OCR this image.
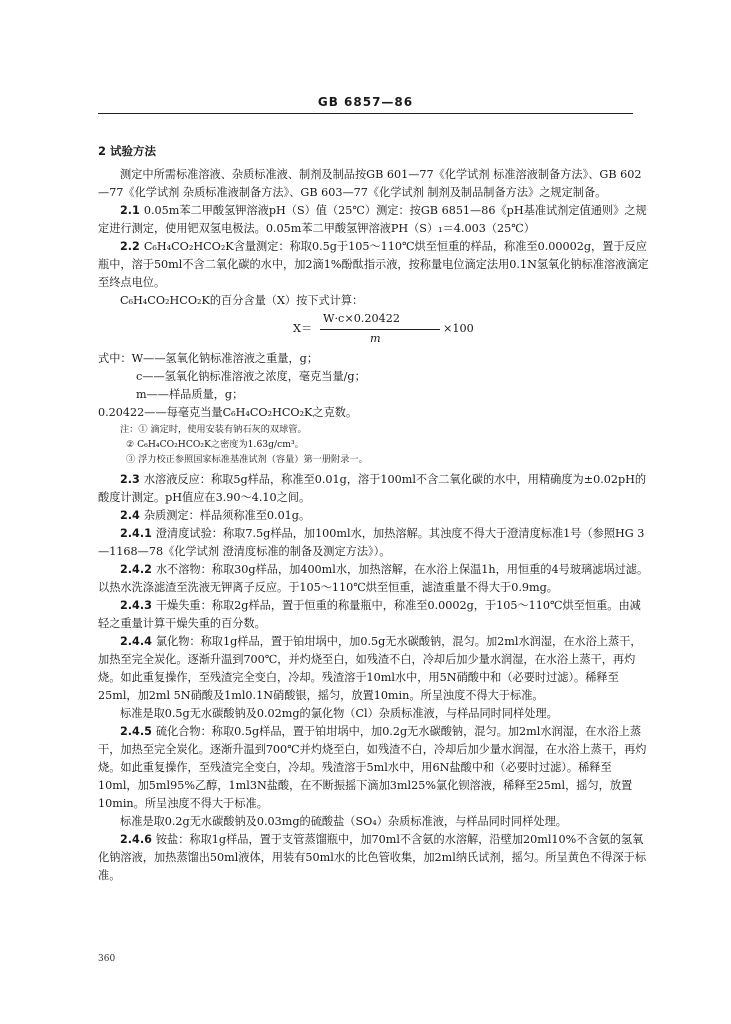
GB 6857—86

2 试验方法

测定中所需标准溶液、杂质标准液、制剂及制品按GB 601—77《化学试剂 标准溶液制备方法》、GB 602—77《化学试剂 杂质标准液制备方法》、GB 603—77《化学试剂 制剂及制品制备方法》之规定制备。

2.1 0.05m苯二甲酸氢钾溶液pH（S）值（25℃）测定：按GB 6851—86《pH基准试剂定值通则》之规定进行测定，使用钯双氢电极法。0.05m苯二甲酸氢钾溶液PH（S）₁＝4.003（25℃）

2.2 C₆H₄CO₂HCO₂K含量测定：称取0.5g于105～110℃烘至恒重的样品，称准至0.00002g，置于反应瓶中，溶于50ml不含二氧化碳的水中，加2滴1%酚酞指示液，按称量电位滴定法用0.1N氢氧化钠标准溶液滴定至终点电位。

C₆H₄CO₂HCO₂K的百分含量（X）按下式计算：

X＝
W·c×0.20422
m
×100

式中：W——氢氧化钠标准溶液之重量，g；

c——氢氧化钠标准溶液之浓度，毫克当量/g；

m——样品质量，g；

0.20422——每毫克当量C₆H₄CO₂HCO₂K之克数。

注：① 滴定时，使用安装有钠石灰的双球管。

② C₆H₄CO₂HCO₂K之密度为1.63g/cm³。

③ 浮力校正参照国家标准基准试剂（容量）第一册附录一。

2.3 水溶液反应：称取5g样品，称准至0.01g，溶于100ml不含二氧化碳的水中，用精确度为±0.02pH的酸度计测定。pH值应在3.90～4.10之间。

2.4 杂质测定：样品须称准至0.01g。

2.4.1 澄清度试验：称取7.5g样品，加100ml水，加热溶解。其浊度不得大于澄清度标准1号（参照HG 3—1168—78《化学试剂 澄清度标准的制备及测定方法》）。

2.4.2 水不溶物：称取30g样品，加400ml水，加热溶解，在水浴上保温1h，用恒重的4号玻璃滤埚过滤。以热水洗涤滤渣至洗液无钾离子反应。于105～110℃烘至恒重，滤渣重量不得大于0.9mg。

2.4.3 干燥失重：称取2g样品，置于恒重的称量瓶中，称准至0.0002g，于105～110℃烘至恒重。由减轻之重量计算干燥失重的百分数。

2.4.4 氯化物：称取1g样品，置于铂坩埚中，加0.5g无水碳酸钠，混匀。加2ml水润湿，在水浴上蒸干，加热至完全炭化。逐渐升温到700℃，并灼烧至白，如残渣不白，冷却后加少量水润湿，在水浴上蒸干，再灼烧。如此重复操作，至残渣完全变白，冷却。残渣溶于10ml水中，用5N硝酸中和（必要时过滤）。稀释至25ml，加2ml 5N硝酸及1ml0.1N硝酸银，摇匀，放置10min。所呈浊度不得大于标准。

标准是取0.5g无水碳酸钠及0.02mg的氯化物（Cl）杂质标准液，与样品同时同样处理。

2.4.5 硫化合物：称取0.5g样品，置于铂坩埚中，加0.2g无水碳酸钠，混匀。加2ml水润湿，在水浴上蒸干，加热至完全炭化。逐渐升温到700℃并灼烧至白，如残渣不白，冷却后加少量水润湿，在水浴上蒸干，再灼烧。如此重复操作，至残渣完全变白，冷却。残渣溶于5ml水中，用6N盐酸中和（必要时过滤）。稀释至10ml，加5ml95%乙醇，1ml3N盐酸，在不断振摇下滴加3ml25%氯化钡溶液，稀释至25ml，摇匀，放置10min。所呈浊度不得大于标准。

标准是取0.2g无水碳酸钠及0.03mg的硫酸盐（SO₄）杂质标准液，与样品同时同样处理。

2.4.6 铵盐：称取1g样品，置于支管蒸馏瓶中，加70ml不含氨的水溶解，沿壁加20ml10%不含氨的氢氧化钠溶液，加热蒸馏出50ml液体，用装有50ml水的比色管收集，加2ml纳氏试剂，摇匀。所呈黄色不得深于标准。

360
